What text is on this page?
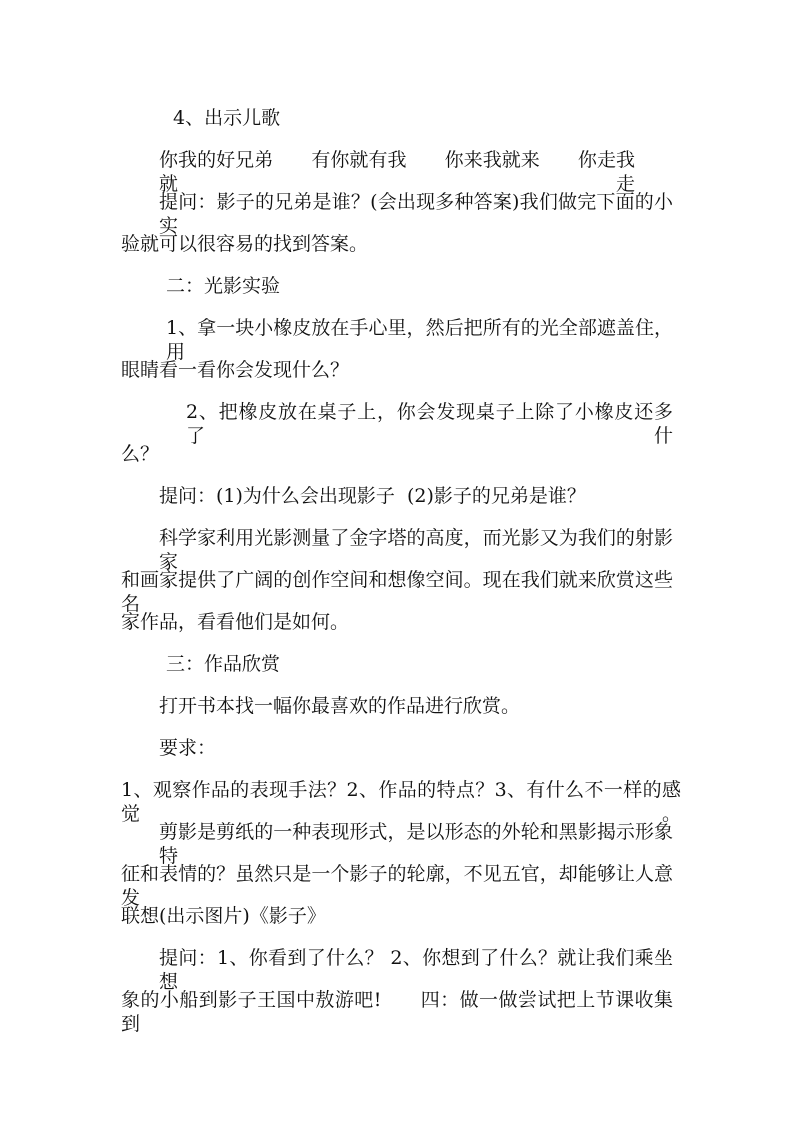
4、出示儿歌

你我的好兄弟　　有你就有我　　你来我就来　　你走我就走

提问：影子的兄弟是谁？(会出现多种答案)我们做完下面的小实

验就可以很容易的找到答案。

二：光影实验

1、拿一块小橡皮放在手心里，然后把所有的光全部遮盖住，用

眼睛看一看你会发现什么？

2、把橡皮放在桌子上，你会发现桌子上除了小橡皮还多了什

么？

提问：(1)为什么会出现影子  (2)影子的兄弟是谁？

科学家利用光影测量了金字塔的高度，而光影又为我们的射影家

和画家提供了广阔的创作空间和想像空间。现在我们就来欣赏这些名

家作品，看看他们是如何。

三：作品欣赏

打开书本找一幅你最喜欢的作品进行欣赏。

要求：

1、观察作品的表现手法？2、作品的特点？3、有什么不一样的感觉。

剪影是剪纸的一种表现形式，是以形态的外轮和黑影揭示形象特

征和表情的？虽然只是一个影子的轮廓，不见五官，却能够让人意发

联想(出示图片)《影子》

提问：1、你看到了什么？ 2、你想到了什么？就让我们乘坐想

象的小船到影子王国中敖游吧!　　四：做一做尝试把上节课收集到
